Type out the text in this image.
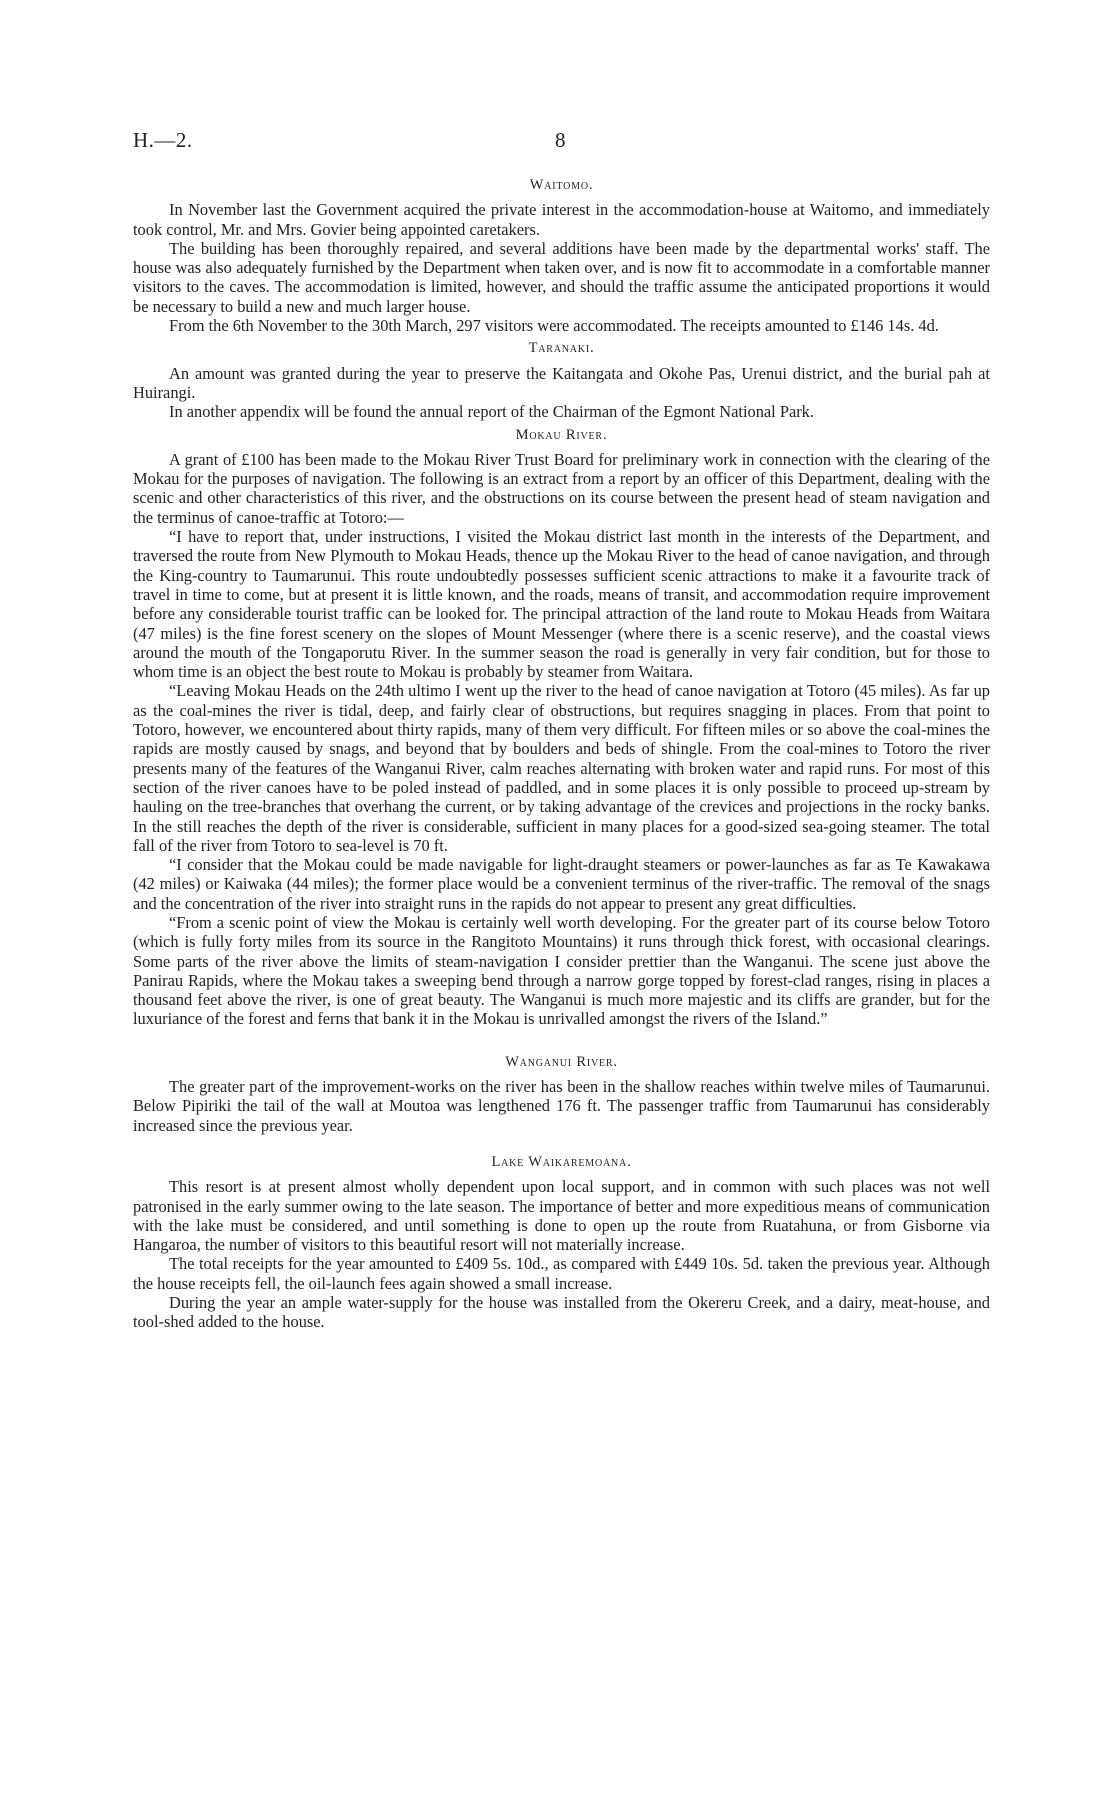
H.—2.	8
Waitomo.

In November last the Government acquired the private interest in the accommodation-house at Waitomo, and immediately took control, Mr. and Mrs. Govier being appointed caretakers.

The building has been thoroughly repaired, and several additions have been made by the departmental works' staff. The house was also adequately furnished by the Department when taken over, and is now fit to accommodate in a comfortable manner visitors to the caves. The accommodation is limited, however, and should the traffic assume the anticipated proportions it would be necessary to build a new and much larger house.

From the 6th November to the 30th March, 297 visitors were accommodated. The receipts amounted to £146 14s. 4d.

Taranaki.

An amount was granted during the year to preserve the Kaitangata and Okohe Pas, Urenui district, and the burial pah at Huirangi.

In another appendix will be found the annual report of the Chairman of the Egmont National Park.

Mokau River.

A grant of £100 has been made to the Mokau River Trust Board for preliminary work in connection with the clearing of the Mokau for the purposes of navigation. The following is an extract from a report by an officer of this Department, dealing with the scenic and other characteristics of this river, and the obstructions on its course between the present head of steam navigation and the terminus of canoe-traffic at Totoro:—

“I have to report that, under instructions, I visited the Mokau district last month in the interests of the Department, and traversed the route from New Plymouth to Mokau Heads, thence up the Mokau River to the head of canoe navigation, and through the King-country to Taumarunui. This route undoubtedly possesses sufficient scenic attractions to make it a favourite track of travel in time to come, but at present it is little known, and the roads, means of transit, and accommodation require improvement before any considerable tourist traffic can be looked for. The principal attraction of the land route to Mokau Heads from Waitara (47 miles) is the fine forest scenery on the slopes of Mount Messenger (where there is a scenic reserve), and the coastal views around the mouth of the Tongaporutu River. In the summer season the road is generally in very fair condition, but for those to whom time is an object the best route to Mokau is probably by steamer from Waitara.

“Leaving Mokau Heads on the 24th ultimo I went up the river to the head of canoe navigation at Totoro (45 miles). As far up as the coal-mines the river is tidal, deep, and fairly clear of obstructions, but requires snagging in places. From that point to Totoro, however, we encountered about thirty rapids, many of them very difficult. For fifteen miles or so above the coal-mines the rapids are mostly caused by snags, and beyond that by boulders and beds of shingle. From the coal-mines to Totoro the river presents many of the features of the Wanganui River, calm reaches alternating with broken water and rapid runs. For most of this section of the river canoes have to be poled instead of paddled, and in some places it is only possible to proceed up-stream by hauling on the tree-branches that overhang the current, or by taking advantage of the crevices and projections in the rocky banks. In the still reaches the depth of the river is considerable, sufficient in many places for a good-sized sea-going steamer. The total fall of the river from Totoro to sea-level is 70 ft.

“I consider that the Mokau could be made navigable for light-draught steamers or power-launches as far as Te Kawakawa (42 miles) or Kaiwaka (44 miles); the former place would be a convenient terminus of the river-traffic. The removal of the snags and the concentration of the river into straight runs in the rapids do not appear to present any great difficulties.

“From a scenic point of view the Mokau is certainly well worth developing. For the greater part of its course below Totoro (which is fully forty miles from its source in the Rangitoto Mountains) it runs through thick forest, with occasional clearings. Some parts of the river above the limits of steam-navigation I consider prettier than the Wanganui. The scene just above the Panirau Rapids, where the Mokau takes a sweeping bend through a narrow gorge topped by forest-clad ranges, rising in places a thousand feet above the river, is one of great beauty. The Wanganui is much more majestic and its cliffs are grander, but for the luxuriance of the forest and ferns that bank it in the Mokau is unrivalled amongst the rivers of the Island.”

Wanganui River.

The greater part of the improvement-works on the river has been in the shallow reaches within twelve miles of Taumarunui. Below Pipiriki the tail of the wall at Moutoa was lengthened 176 ft. The passenger traffic from Taumarunui has considerably increased since the previous year.

Lake Waikaremoana.

This resort is at present almost wholly dependent upon local support, and in common with such places was not well patronised in the early summer owing to the late season. The importance of better and more expeditious means of communication with the lake must be considered, and until something is done to open up the route from Ruatahuna, or from Gisborne via Hangaroa, the number of visitors to this beautiful resort will not materially increase.

The total receipts for the year amounted to £409 5s. 10d., as compared with £449 10s. 5d. taken the previous year. Although the house receipts fell, the oil-launch fees again showed a small increase.

During the year an ample water-supply for the house was installed from the Okereru Creek, and a dairy, meat-house, and tool-shed added to the house.
